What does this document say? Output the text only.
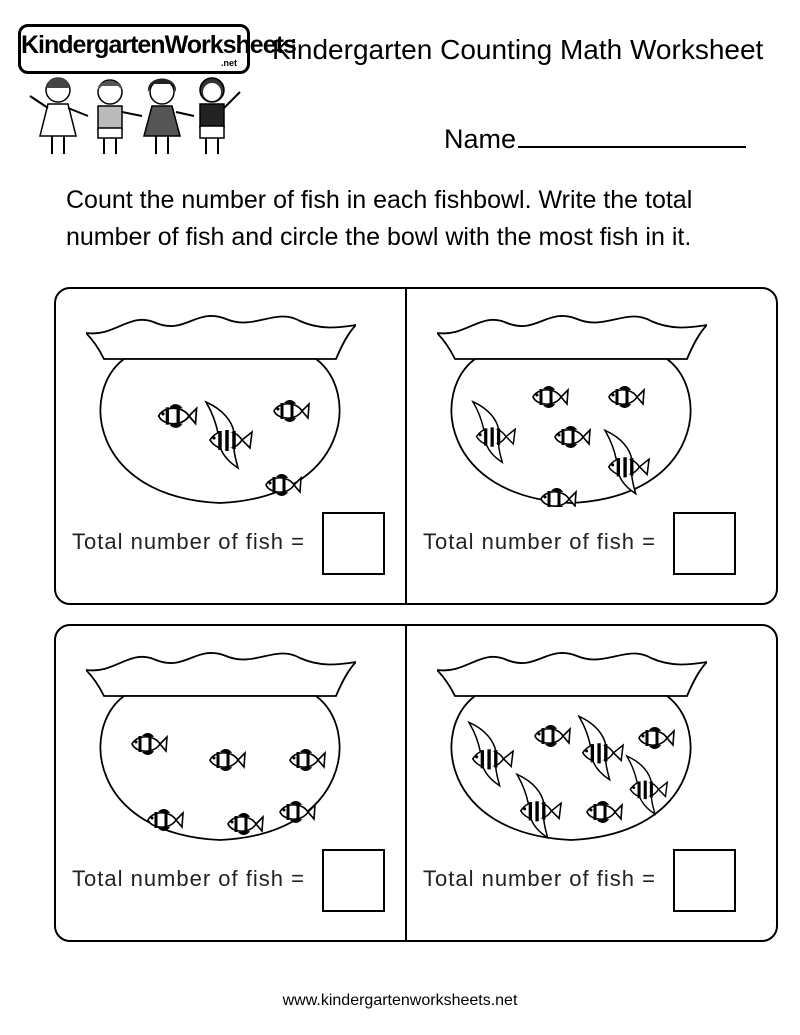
KindergartenWorksheets
.net Kindergarten Counting Math Worksheet
Name
Count the number of fish in each fishbowl. Write the total number of fish and circle the bowl with the most fish in it.
Total number of fish =	Total number of fish =
Total number of fish =	Total number of fish =
www.kindergartenworksheets.net
